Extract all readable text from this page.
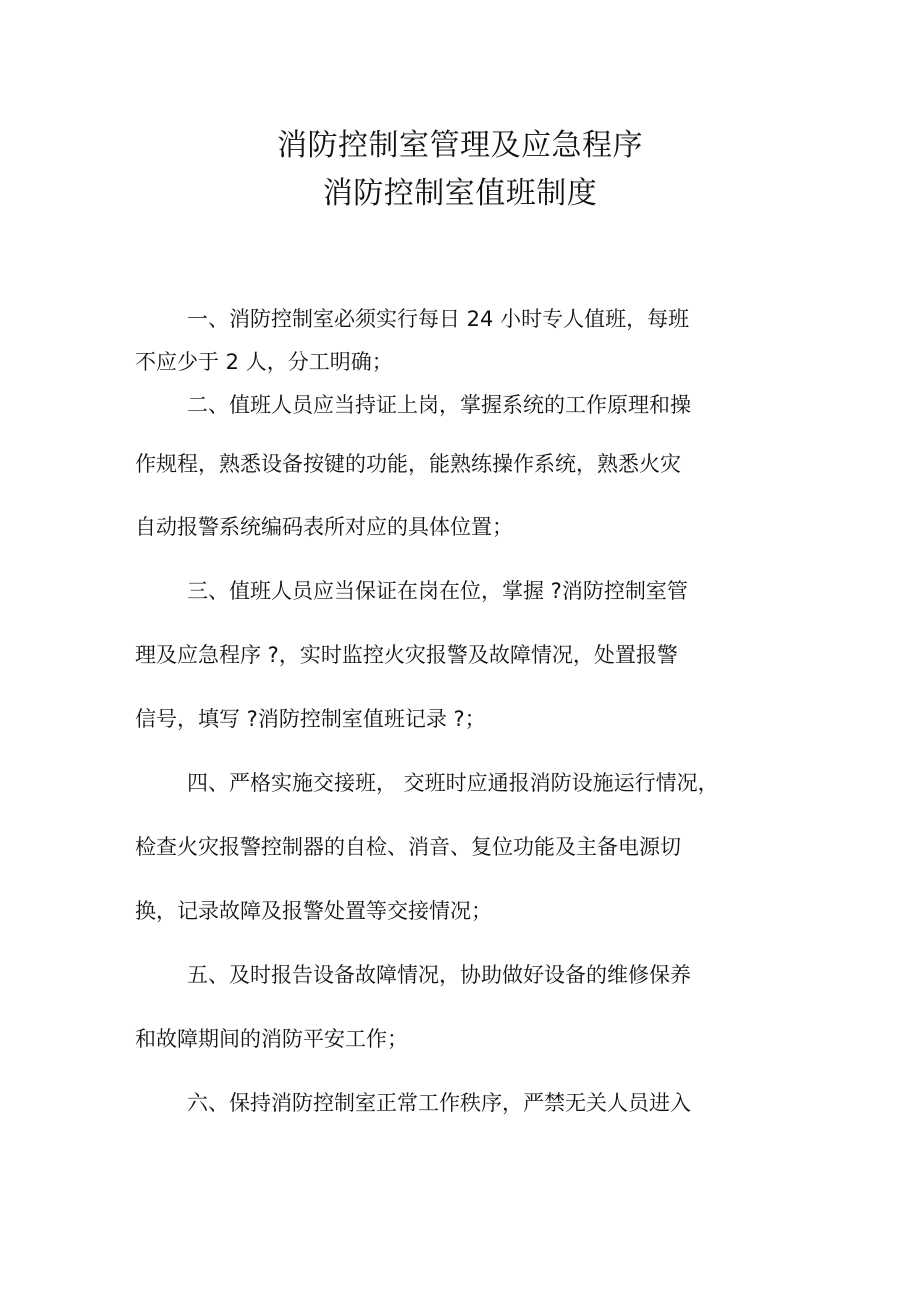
消防控制室管理及应急程序
消防控制室值班制度
一、消防控制室必须实行每日 24 小时专人值班，每班
不应少于 2 人，分工明确；
二、值班人员应当持证上岗，掌握系统的工作原理和操
作规程，熟悉设备按键的功能，能熟练操作系统，熟悉火灾
自动报警系统编码表所对应的具体位置；
三、值班人员应当保证在岗在位，掌握 ?消防控制室管
理及应急程序 ?，实时监控火灾报警及故障情况，处置报警
信号，填写 ?消防控制室值班记录 ?；
四、严格实施交接班， 交班时应通报消防设施运行情况，
检查火灾报警控制器的自检、消音、复位功能及主备电源切
换，记录故障及报警处置等交接情况；
五、及时报告设备故障情况，协助做好设备的维修保养
和故障期间的消防平安工作；
六、保持消防控制室正常工作秩序，严禁无关人员进入
